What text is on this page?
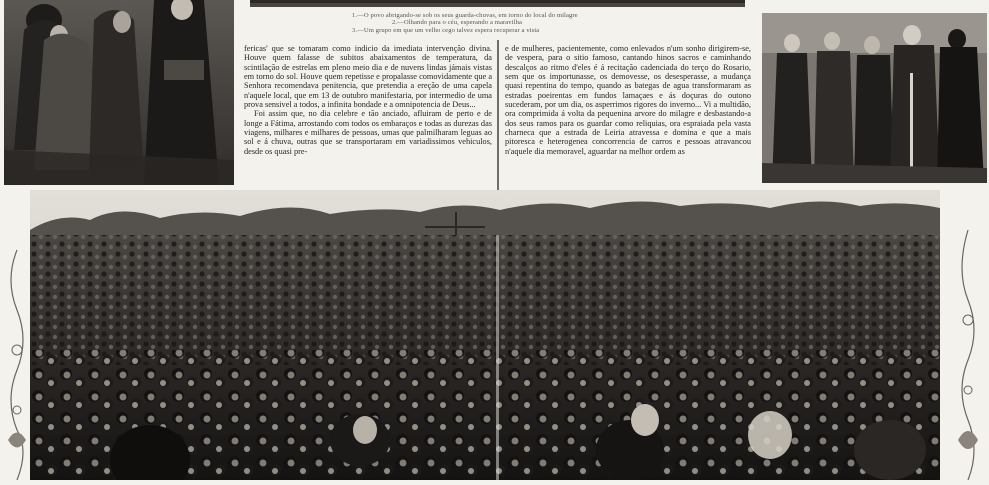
1.—O povo abrigando-se sob os seus guarda-chuvas, em torno do local do milagre
2.—Olhando para o céu, esperando a maravilha
3.—Um grupo em que um velho cego talvez espera recuperar a vista

fericas' que se tomaram como indicio da imediata intervenção divina. Houve quem falasse de subitos abaixamentos de temperatura, da scintilação de estrelas em pleno meio dia e de nuvens lindas jámais vistas em torno do sol. Houve quem repetisse e propalasse comovidamente que a Senhora recomendava penitencia, que pretendia a ereção de uma capela n'aquele local, que em 13 de outubro manifestaria, por intermedio de uma prova sensivel a todos, a infinita bondade e a omnipotencia de Deus...

Foi assim que, no dia celebre e tão anciado, afluiram de perto e de longe a Fátima, arrostando com todos os embaraços e todas as durezas das viagens, milhares e milhares de pessoas, umas que palmilharam leguas ao sol e á chuva, outras que se transportaram em variadissimos vehiculos, desde os quasi pre-

e de mulheres, pacientemente, como enlevados n'um sonho dirigirem-se, de vespera, para o sitio famoso, cantando hinos sacros e caminhando descalços ao ritmo d'eles é á recitação cadenciada do terço do Rosario, sem que os importunasse, os demovesse, os desesperasse, a mudança quasi repentina do tempo, quando as bategas de agua transformaram as estradas poeirentas em fundos lamaçaes e ás doçuras do outono sucederam, por um dia, os asperrimos rigores do inverno... Vi a multidão, ora comprimida á volta da pequenina arvore do milagre e desbastando-a dos seus ramos para os guardar como reliquias, ora espraiada pela vasta charneca que a estrada de Leiria atravessa e domina e que a mais pitoresca e heterogenea concorrencia de carros e pessoas atravancou n'aquele dia memoravel, aguardar na melhor ordem as
